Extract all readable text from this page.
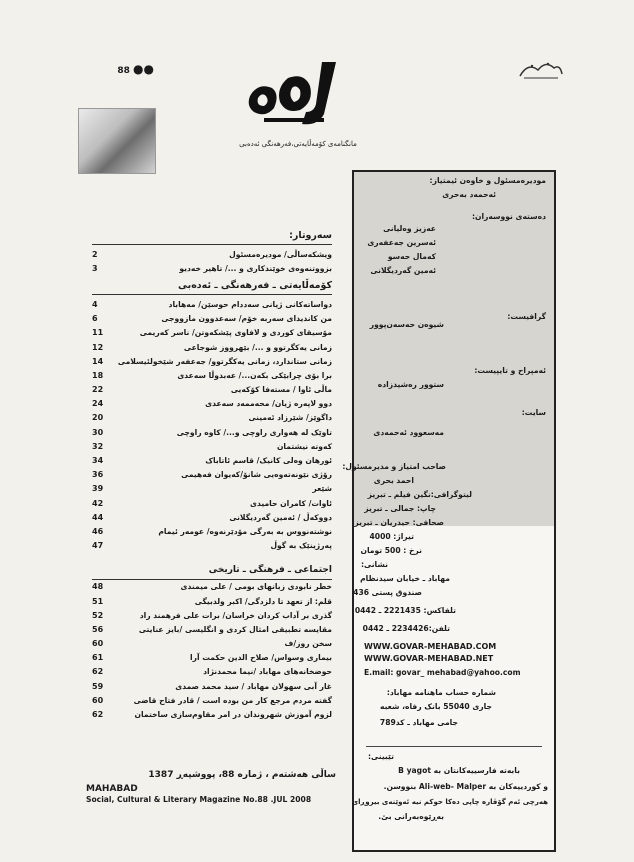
88 ●●
مانگنامەی کۆمەڵایەتی،فەرھەنگی ئەدەبی
سەروتار:
ویشکەساڵی/ مودیرەمسئول
2
بزووتنەوەی خوێندکاری و .../ تاھیر خەدیو
3
کۆمەڵایەتی ـ فەرهەنگی ـ ئەدەبی
دواساتەکانی ژیانی سەددام حوسێن/ مەھاباد
4
من کاندیدای سەربە خۆم/ سەعدوون مازووجی
6
مۆسیقای کوردی و لافاوی پێشکەوتن/ ناسر کەریمی
11
زمانی یەکگرتوو و .../ بێھرووز شوجاعی
12
زمانی ستاندارد، زمانی یەکگرتوو/ جەعفەر شێخولئیسلامی
14
برا بۆی چرابێکی بکەن.../ عەبدوڵا سەعدی
18
ماڵی ئاوا / مستەفا کۆکەیی
22
دوو لاپەرە ژیان/ محەممەد سەعدی
24
داگوێز/ شێرزاد ئەمینی
20
تاوێک لە هەواری راوچی و.../ کاوە راوچی
30
کەوتە نیشتمان
32
ئورهان وەلی کانیک/ قاسم ئاتاباک
34
رۆژی نێونەتەوەیی شانۆ/کەیوان فەھیمی
36
شێعر
39
ئاوات/ کامران حامیدی
42
دووکەڵ / ئەمین گەردیگلانی
44
نوشتەنووس بە بەرگی مۆدێرنەوە/ عومەر ئیمام
46
پەرژینێک بە گوڵ
47
اجتماعی ـ فرهنگی ـ تاریخی
خطر نابودی زبانهای بومی / علی میمندی
48
قلم: از تعهد تا دلزدگی/ اکبر ولدبیگی
51
گذری بر آداب کردان خراسان/ برات علی فرهمند راد
52
مقایسه تطبیقی امثال کردی و انگلیسی /بایز عنایتی
56
سخن روز/ف
60
بیماری وسواس/ صلاح الدین حکمت آرا
61
حوضخانه‌های مهاباد /نیما محمدنژاد
62
غار آبی سهولان مهاباد / سید محمد صمدی
59
گفته مردم مرجع کار من بوده است / قادر فتاح قاضی
60
لزوم آموزش شهروندان در امر مقاوم‌سازی ساختمان
62
ساڵی هەشتەم ، ژمارە 88، پووشپەڕ 1387
MAHABAD
Social, Cultural & Literary Magazine No.88 .JUL 2008
مودیرەمسئول و خاوەن ئیمتیاز:
ئەحمەد بەحری
دەستەی نووسەران:
عەزیز وەلیانی
ئەسرین جەعفەری
کەمال حەسو
ئەمین گەردیگلانی
گرافیست:
شیوەن حەسەن‌پوور
ئەمپراح و تایپیست:
ستوور رەشیدزادە
سایت:
مەسعوود ئەحمەدی
صاحب امتیاز و مدیرمسئول:
احمد بحری
لیتوگرافی:نگین فیلم ـ تبریز
چاپ: جمالی ـ تبریز
صحافی: حیدریان ـ تبریز
تیراژ: 4000
نرخ : 500 تومان
نشانی:
مهاباد ـ خیابان سیدنظام
صندوق پستی 436
تلفاکس: 2221435 ـ 0442
تلفن:2234426 ـ 0442
WWW.GOVAR-MEHABAD.COM
WWW.GOVAR-MEHABAD.NET
E.mail: govar_ mehabad@yahoo.com
شماره حساب ماهنامه مهاباد:
جاری 55040 بانک رفاه، شعبه
جامی مهاباد ـ کد789
تێبینی:
بابەتە فارسییەکانتان بە B yagot
و کوردییەکان بە Ali-web- Malper بنووسن.
هەرچی ئەم گۆڤارە چاپی دەکا حوکم نیە ئەوێنەی بیروڕای
بەڕێوەبەرانی بێ.
